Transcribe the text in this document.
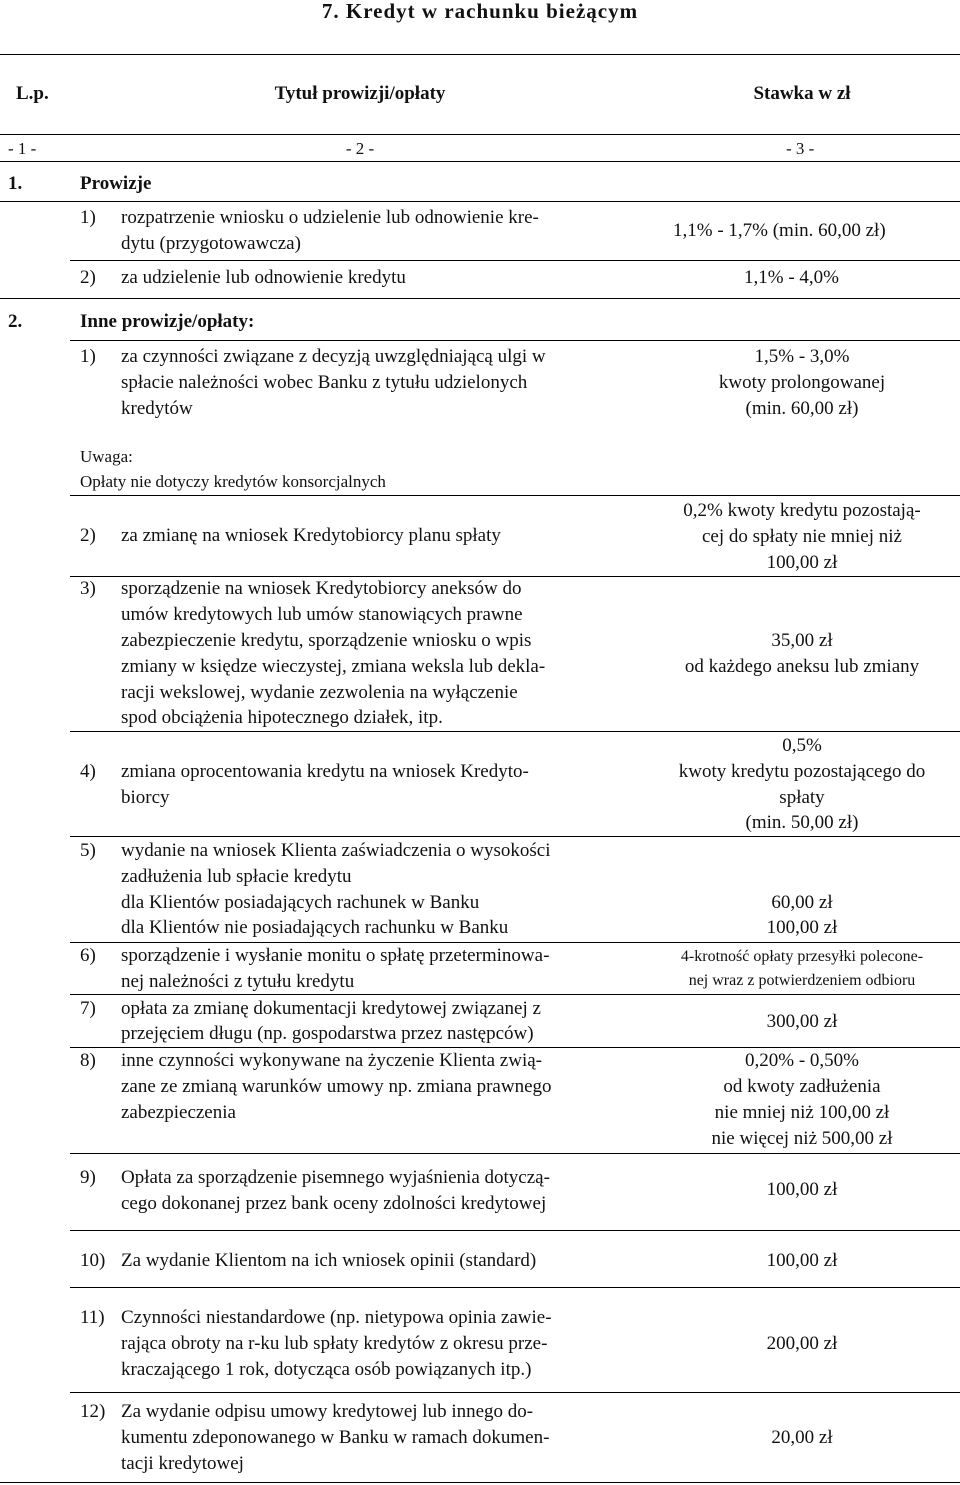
7. Kredyt w rachunku bieżącym
L.p.	Tytuł prowizji/opłaty	Stawka w zł
- 1 -	- 2 -	- 3 -
1.	Prowizje
1) rozpatrzenie wniosku o udzielenie lub odnowienie kre-
dytu (przygotowawcza)
1,1% - 1,7% (min. 60,00 zł)
2) za udzielenie lub odnowienie kredytu	1,1% - 4,0%
2.	Inne prowizje/opłaty:
1) za czynności związane z decyzją uwzględniającą ulgi w
spłacie należności wobec Banku z tytułu udzielonych
kredytów
1,5% - 3,0%
kwoty prolongowanej
(min. 60,00 zł)
Uwaga:
Opłaty nie dotyczy kredytów konsorcjalnych
2) za zmianę na wniosek Kredytobiorcy planu spłaty
0,2% kwoty kredytu pozostają-
cej do spłaty nie mniej niż
100,00 zł
3) sporządzenie na wniosek Kredytobiorcy aneksów do
umów kredytowych lub umów stanowiących prawne
zabezpieczenie kredytu, sporządzenie wniosku o wpis
zmiany w księdze wieczystej, zmiana weksla lub dekla-
racji wekslowej, wydanie zezwolenia na wyłączenie
spod obciążenia hipotecznego działek, itp.
35,00 zł
od każdego aneksu lub zmiany
4) zmiana oprocentowania kredytu na wniosek Kredyto-
biorcy
0,5%
kwoty kredytu pozostającego do
spłaty
(min. 50,00 zł)
5) wydanie na wniosek Klienta zaświadczenia o wysokości
zadłużenia lub spłacie kredytu
dla Klientów posiadających rachunek w Banku
dla Klientów nie posiadających rachunku w Banku
60,00 zł
100,00 zł
6) sporządzenie i wysłanie monitu o spłatę przeterminowa-
nej należności z tytułu kredytu
4-krotność opłaty przesyłki polecone-
nej wraz z potwierdzeniem odbioru
7) opłata za zmianę dokumentacji kredytowej związanej z
przejęciem długu (np. gospodarstwa przez następców)
300,00 zł
8) inne czynności wykonywane na życzenie Klienta zwią-
zane ze zmianą warunków umowy np. zmiana prawnego
zabezpieczenia
0,20% - 0,50%
od kwoty zadłużenia
nie mniej niż 100,00 zł
nie więcej niż 500,00 zł
9) Opłata za sporządzenie pisemnego wyjaśnienia dotyczą-
cego dokonanej przez bank oceny zdolności kredytowej
100,00 zł
10) Za wydanie Klientom na ich wniosek opinii (standard)	100,00 zł
11) Czynności niestandardowe (np. nietypowa opinia zawie-
rająca obroty na r-ku lub spłaty kredytów z okresu prze-
kraczającego 1 rok, dotycząca osób powiązanych itp.)
200,00 zł
12) Za wydanie odpisu umowy kredytowej lub innego do-
kumentu zdeponowanego w Banku w ramach dokumen-
tacji kredytowej
20,00 zł
